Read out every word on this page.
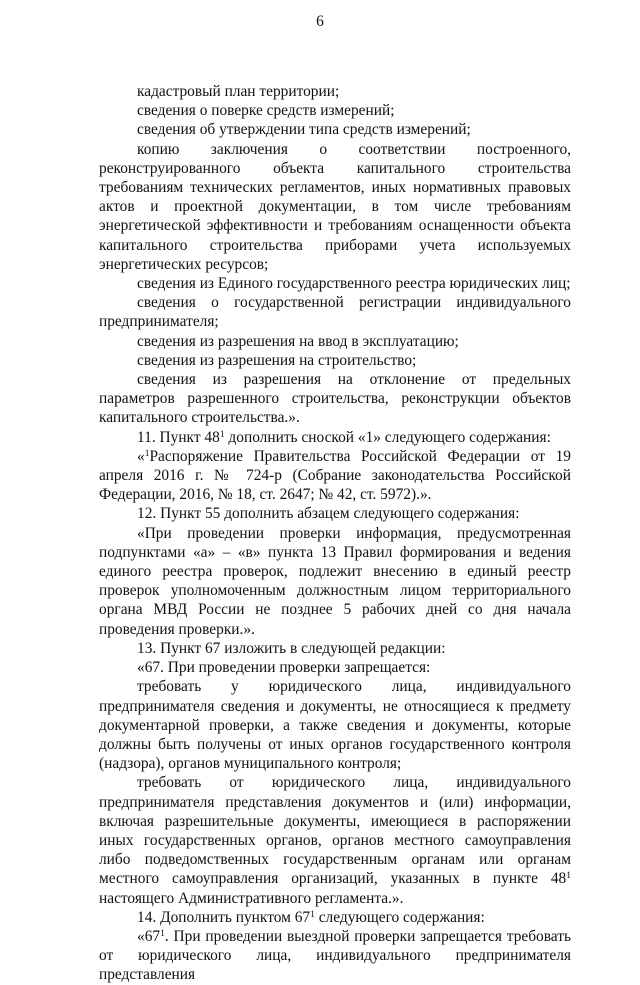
6

кадастровый план территории;

сведения о поверке средств измерений;

сведения об утверждении типа средств измерений;

копию заключения о соответствии построенного, реконструированного объекта капитального строительства требованиям технических регламентов, иных нормативных правовых актов и проектной документации, в том числе требованиям энергетической эффективности и требованиям оснащенности объекта капитального строительства приборами учета используемых энергетических ресурсов;

сведения из Единого государственного реестра юридических лиц;

сведения о государственной регистрации индивидуального предпринимателя;

сведения из разрешения на ввод в эксплуатацию;

сведения из разрешения на строительство;

сведения из разрешения на отклонение от предельных параметров разрешенного строительства, реконструкции объектов капитального строительства.».

11. Пункт $48^1$ дополнить сноской «1» следующего содержания:

«$^1$Распоряжение Правительства Российской Федерации от 19 апреля 2016 г. № 724-р (Собрание законодательства Российской Федерации, 2016, № 18, ст. 2647; № 42, ст. 5972).».

12. Пункт 55 дополнить абзацем следующего содержания:

«При проведении проверки информация, предусмотренная подпунктами «а» – «в» пункта 13 Правил формирования и ведения единого реестра проверок, подлежит внесению в единый реестр проверок уполномоченным должностным лицом территориального органа МВД России не позднее 5 рабочих дней со дня начала проведения проверки.».

13. Пункт 67 изложить в следующей редакции:

«67. При проведении проверки запрещается:

требовать у юридического лица, индивидуального предпринимателя сведения и документы, не относящиеся к предмету документарной проверки, а также сведения и документы, которые должны быть получены от иных органов государственного контроля (надзора), органов муниципального контроля;

требовать от юридического лица, индивидуального предпринимателя представления документов и (или) информации, включая разрешительные документы, имеющиеся в распоряжении иных государственных органов, органов местного самоуправления либо подведомственных государственным органам или органам местного самоуправления организаций, указанных в пункте $48^1$ настоящего Административного регламента.».

14. Дополнить пунктом $67^1$ следующего содержания:

«$67^1$. При проведении выездной проверки запрещается требовать от юридического лица, индивидуального предпринимателя представления
